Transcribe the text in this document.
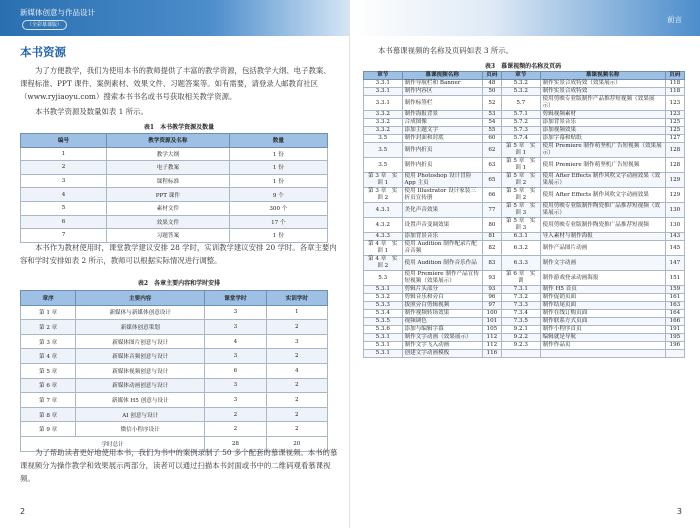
新媒体创意与作品设计
（全彩慕课版）
本书资源

为了方便教学，我们为使用本书的教师提供了丰富的教学资源，包括教学大纲、电子教案、课程标准、PPT 课件、案例素材、效果文件、习题答案等。如有需要，请登录人邮教育社区（www.ryjiaoyu.com）搜索本书书名或书号获取相关教学资源。

本书教学资源及数量如表 1 所示。

表1　本书教学资源及数量
编号	教学资源及名称	数量
1	教学大纲	1 份
2	电子教案	1 份
3	课程标准	1 份
4	PPT 课件	9 个
5	素材文件	300 个
6	效果文件	17 个
7	习题答案	1 份

本书作为教材使用时，课堂教学建议安排 28 学时，实训教学建议安排 20 学时。各章主要内容和学时安排如表 2 所示，教师可以根据实际情况进行调整。

表2　各章主要内容和学时安排
章序	主要内容	课堂学时	实训学时
第 1 章	新媒体与新媒体创意设计	3	1
第 2 章	新媒体创意策划	3	2
第 3 章	新媒体图片创意与设计	4	3
第 4 章	新媒体音频创意与设计	3	2
第 5 章	新媒体视频创意与设计	6	4
第 6 章	新媒体动画创意与设计	3	2
第 7 章	新媒体 H5 创意与设计	3	2
第 8 章	AI 创意与设计	2	2
第 9 章	微信小程序设计	2	2
学时总计		28	20

为了帮助读者更好地使用本书，我们为书中的案例录制了 50 多个配套的慕课视频。本书的慕课视频分为操作教学和效果展示两部分，读者可以通过扫描本书封面或书中的二维码观看慕课视频。

2
前言

本书慕课视频的名称及页码如表 3 所示。

表3　慕课视频的名称及页码
章节	慕课视频名称	页码	章节	慕课视频名称	页码
3.3.1	制作导航栏和 Banner	48	5.3.2	制作实景合成特效（效果展示）	118
3.3.1	制作内容区	50	5.3.2	制作实景合成特效	118
3.3.1	制作标签栏	52	5.7	使用剪映专业版制作产品推荐短视频（效果展示）	123
3.3.2	制作海报背景	53	5.7.1	剪辑视频素材	123
3.3.2	合成图像	54	5.7.2	添加背景音乐	125
3.3.2	添加主题文字	55	5.7.3	添加视频效果	125
3.5	制作封面和封底	60	5.7.4	添加字幕和贴纸	127
3.5	制作内折页	62	第 5 章　实训 1	使用 Premiere 制作萌坚机广告短视频（效果展示）	128
3.5	制作内折页	63	第 5 章　实训 1	使用 Premiere 制作萌坚机广告短视频	128
第 3 章　实训 1	使用 Photoshop 设计冒险 App 主页	65	第 5 章　实训 2	使用 After Effects 制作风吹文字动画效果（效果展示）	129
第 3 章　实训 2	使用 Illustrator 设计家装三折页宣传册	66	第 5 章　实训 2	使用 After Effects 制作风吹文字动画效果	129
4.3.1	美化声音效果	77	第 5 章　实训 3	使用剪映专业版制作陶瓷推广品推荐短视频（效果展示）	130
4.3.2	设置声音变调效果	80	第 5 章　实训 3	使用剪映专业版制作陶瓷推广品推荐短视频	130
4.3.3	添加背景音乐	81	6.3.1	导入素材与制作海报	143
第 4 章　实训 1	使用 Audition 制作配录片配音音频	82	6.3.2	制作产品图片动画	145
第 4 章　实训 2	使用 Audition 制作音乐作品	83	6.3.3	制作文字动画	147
5.3	使用 Premiere 制作产品宣传短视频（效果展示）	93	第 6 章　实训	制作游戏登录动画海报	151
5.3.1	剪辑片头部分	93	7.3.1	制作 H5 首页	159
5.3.2	剪辑音乐和旁白	96	7.3.2	制作促销页面	161
5.3.3	拔照旁白剪辑视频	97	7.3.3	制作结尾页面	163
5.3.4	制作视频转场效果	100	7.3.4	制作在线订购页面	164
5.3.5	视频调色	101	7.3.5	制作联系方式页面	166
5.3.6	添加与编辑字幕	105	9.2.1	制作小程序首页	191
5.3.1	制作文字动画（效果展示）	112	9.2.2	编辑就是导航	195
5.3.1	制作文字飞入动画	112	9.2.3	制作作品页	196
5.3.1	创建文字动画模板	116			
3
